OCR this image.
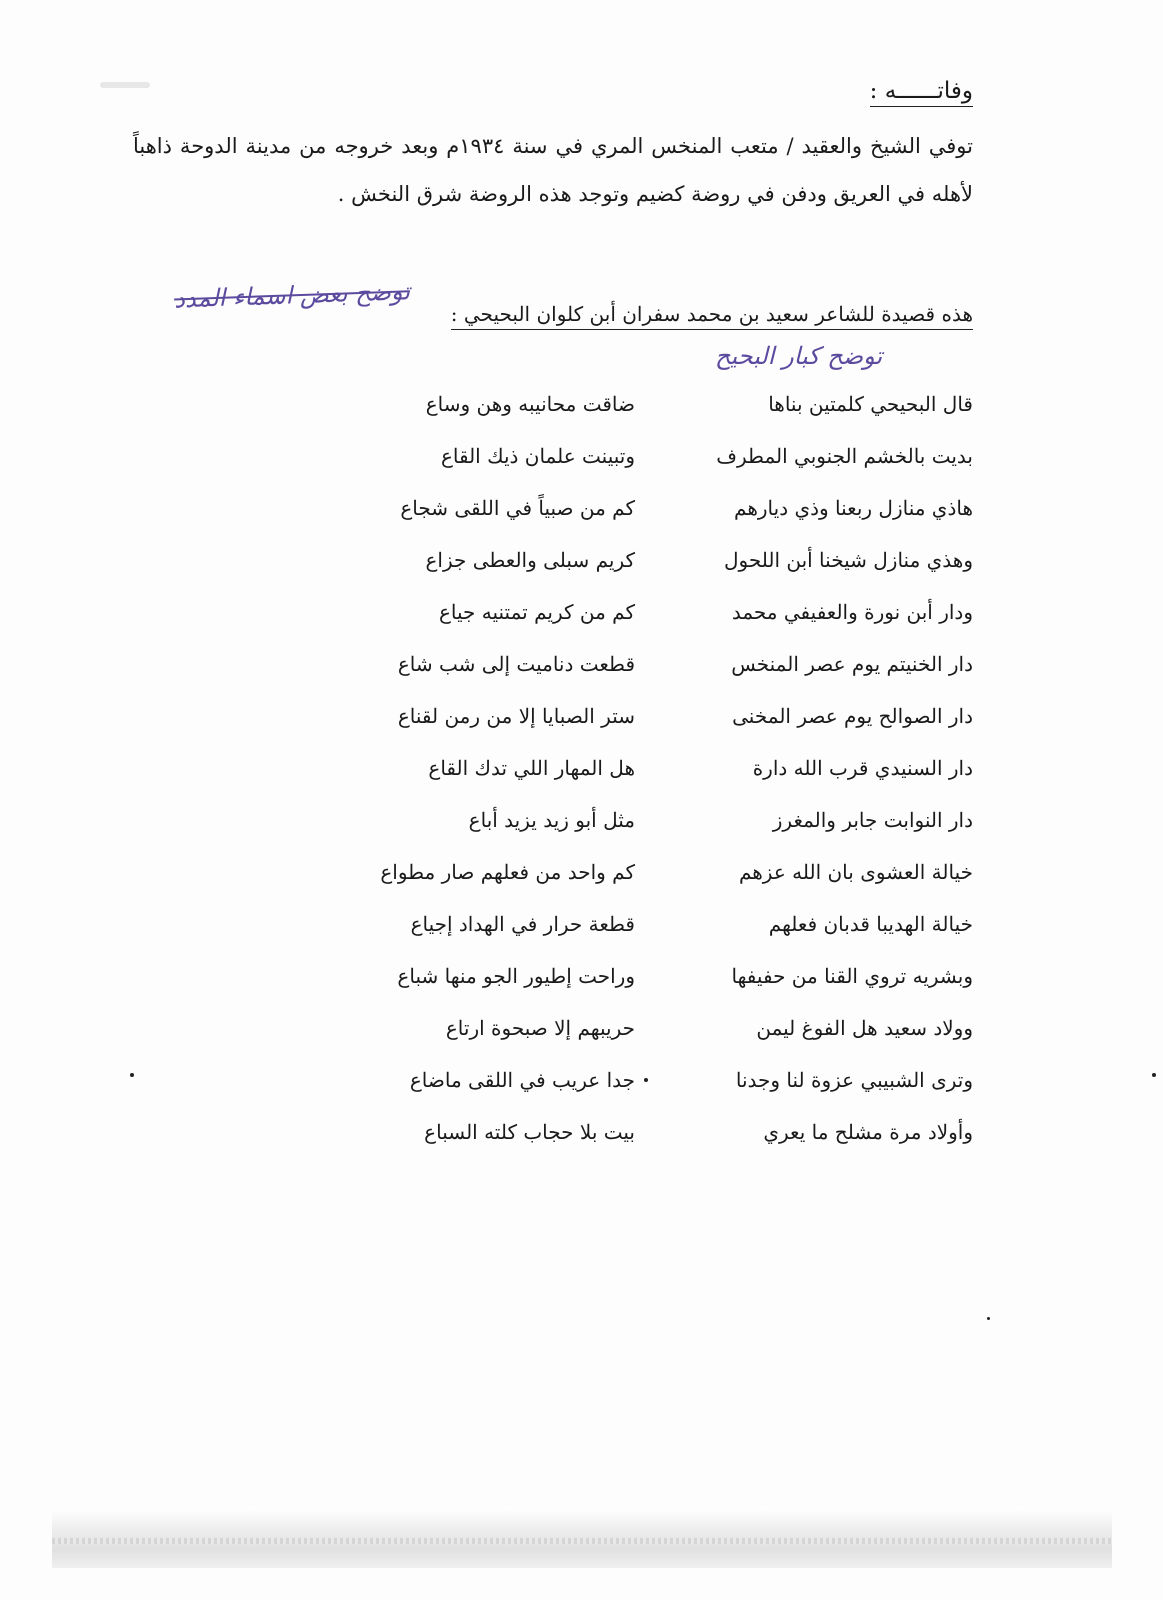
وفاتــــــه :
توفي الشيخ والعقيد / متعب المنخس المري في سنة ١٩٣٤م وبعد خروجه من مدينة الدوحة ذاهباً لأهله في العريق ودفن في روضة كضيم وتوجد هذه الروضة شرق النخش .
هذه قصيدة للشاعر سعيد بن محمد سفران أبن كلوان البحيحي :
توضح بعض اسماء المدد
توضح كبار البحيح
قال البحيحي كلمتين بناها
ضاقت محانيبه وهن وساع
بديت بالخشم الجنوبي المطرف
وتبينت علمان ذيك القاع
هاذي منازل ربعنا وذي ديارهم
كم من صبياً في اللقى شجاع
وهذي منازل شيخنا أبن اللحول
كريم سبلى والعطى جزاع
ودار أبن نورة والعفيفي محمد
كم من كريم تمتنيه جياع
دار الخنيتم يوم عصر المنخس
قطعت دناميت إلى شب شاع
دار الصوالح يوم عصر المخنى
ستر الصبايا إلا من رمن لقناع
دار السنيدي قرب الله دارة
هل المهار اللي تدك القاع
دار النوابت جابر والمغرز
مثل أبو زيد يزيد أباع
خيالة العشوى بان الله عزهم
كم واحد من فعلهم صار مطواع
خيالة الهديبا قدبان فعلهم
قطعة حرار في الهداد إجياع
وبشريه تروي القنا من حفيفها
وراحت إطيور الجو منها شباع
وولاد سعيد هل الفوغ ليمن
حريبهم إلا صبحوة ارتاع
وترى الشبيبي عزوة لنا وجدنا
جدا عريب في اللقى ماضاع
وأولاد مرة مشلح ما يعري
بيت بلا حجاب كلته السباع
